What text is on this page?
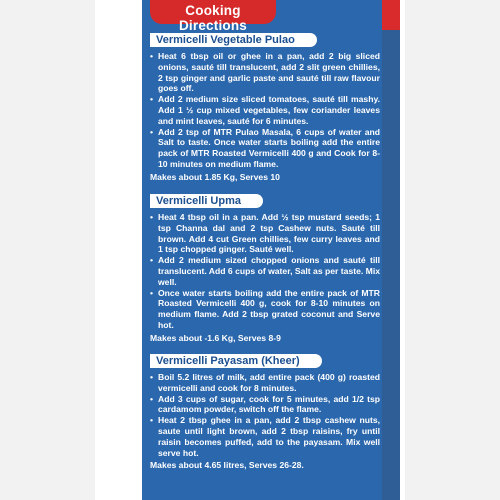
Cooking Directions
Vermicelli Vegetable Pulao
• Heat 6 tbsp oil or ghee in a pan, add 2 big sliced onions, sauté till translucent, add 2 slit green chillies, 2 tsp ginger and garlic paste and sauté till raw flavour goes off.
• Add 2 medium size sliced tomatoes, sauté till mashy. Add 1 ½ cup mixed vegetables, few coriander leaves and mint leaves, sauté for 6 minutes.
• Add 2 tsp of MTR Pulao Masala, 6 cups of water and Salt to taste. Once water starts boiling add the entire pack of MTR Roasted Vermicelli 400 g and Cook for 8-10 minutes on medium flame.
Makes about 1.85 Kg, Serves 10
Vermicelli Upma
• Heat 4 tbsp oil in a pan. Add ½ tsp mustard seeds; 1 tsp Channa dal and 2 tsp Cashew nuts. Sauté till brown. Add 4 cut Green chillies, few curry leaves and 1 tsp chopped ginger. Sauté well.
• Add 2 medium sized chopped onions and sauté till translucent. Add 6 cups of water, Salt as per taste. Mix well.
• Once water starts boiling add the entire pack of MTR Roasted Vermicelli 400 g, cook for 8-10 minutes on medium flame. Add 2 tbsp grated coconut and Serve hot.
Makes about -1.6 Kg, Serves 8-9
Vermicelli Payasam (Kheer)
• Boil 5.2 litres of milk, add entire pack (400 g) roasted vermicelli and cook for 8 minutes.
• Add 3 cups of sugar, cook for 5 minutes, add 1/2 tsp cardamom powder, switch off the flame.
• Heat 2 tbsp ghee in a pan, add 2 tbsp cashew nuts, saute until light brown, add 2 tbsp raisins, fry until raisin becomes puffed, add to the payasam. Mix well serve hot.
Makes about 4.65 litres, Serves 26-28.
